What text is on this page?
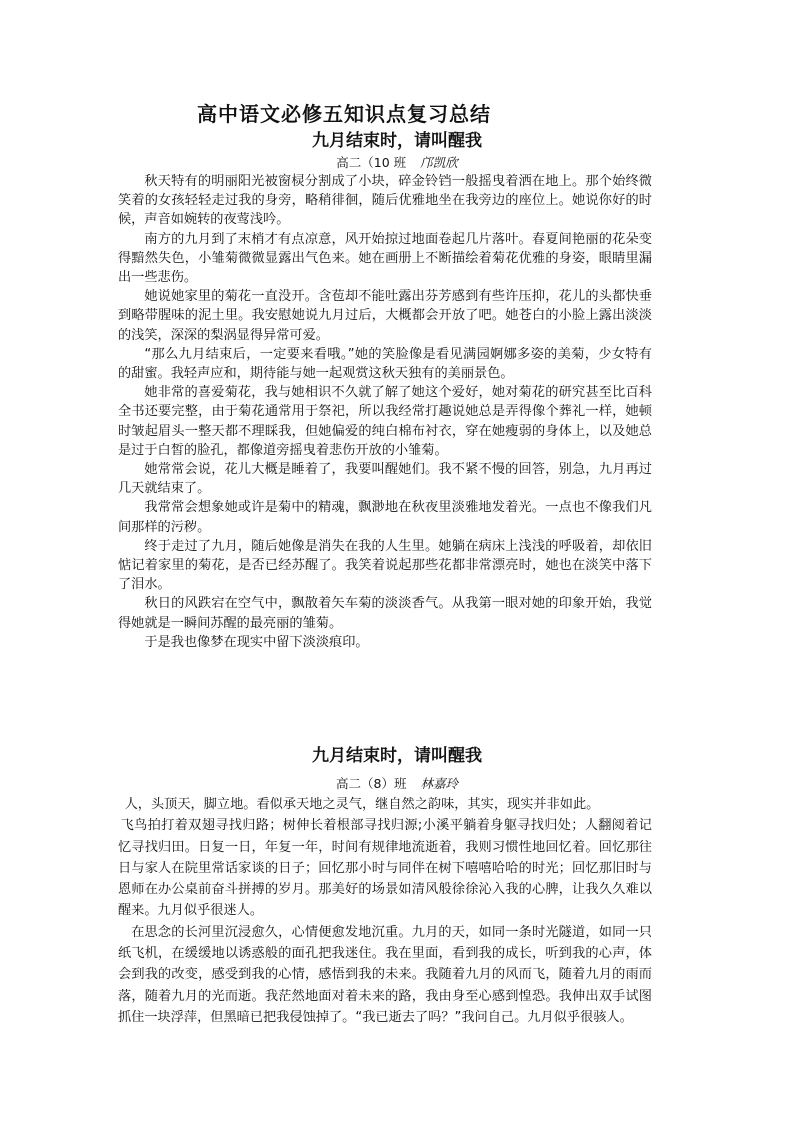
高中语文必修五知识点复习总结
九月结束时，请叫醒我
高二（10 班 邝凯欣

秋天特有的明丽阳光被窗棂分割成了小块，碎金铃铛一般摇曳着洒在地上。那个始终微笑着的女孩轻轻走过我的身旁，略稍徘徊，随后优雅地坐在我旁边的座位上。她说你好的时候，声音如婉转的夜莺浅吟。

南方的九月到了末梢才有点凉意，风开始掠过地面卷起几片落叶。春夏间艳丽的花朵变得黯然失色，小雏菊微微显露出气色来。她在画册上不断描绘着菊花优雅的身姿，眼睛里漏出一些悲伤。

她说她家里的菊花一直没开。含苞却不能吐露出芬芳感到有些许压抑，花儿的头都快垂到略带腥味的泥土里。我安慰她说九月过后，大概都会开放了吧。她苍白的小脸上露出淡淡的浅笑，深深的梨涡显得异常可爱。

“那么九月结束后，一定要来看哦。”她的笑脸像是看见满园婀娜多姿的美菊，少女特有的甜蜜。我轻声应和，期待能与她一起观赏这秋天独有的美丽景色。

她非常的喜爱菊花，我与她相识不久就了解了她这个爱好，她对菊花的研究甚至比百科全书还要完整，由于菊花通常用于祭祀，所以我经常打趣说她总是弄得像个葬礼一样，她顿时皱起眉头一整天都不理睬我，但她偏爱的纯白棉布衬衣，穿在她瘦弱的身体上，以及她总是过于白皙的脸孔，都像道旁摇曳着悲伤开放的小雏菊。

她常常会说，花儿大概是睡着了，我要叫醒她们。我不紧不慢的回答，别急，九月再过几天就结束了。

我常常会想象她或许是菊中的精魂，飘渺地在秋夜里淡雅地发着光。一点也不像我们凡间那样的污秽。

终于走过了九月，随后她像是消失在我的人生里。她躺在病床上浅浅的呼吸着，却依旧惦记着家里的菊花，是否已经苏醒了。我笑着说起那些花都非常漂亮时，她也在淡笑中落下了泪水。

秋日的风跌宕在空气中，飘散着矢车菊的淡淡香气。从我第一眼对她的印象开始，我觉得她就是一瞬间苏醒的最亮丽的雏菊。

于是我也像梦在现实中留下淡淡痕印。

九月结束时，请叫醒我
高二（8）班 林嘉玲

人，头顶天，脚立地。看似承天地之灵气，继自然之韵味，其实，现实并非如此。

飞鸟拍打着双翅寻找归路；树伸长着根部寻找归源;小溪平躺着身躯寻找归处；人翻阅着记忆寻找归田。日复一日，年复一年，时间有规律地流逝着，我则习惯性地回忆着。回忆那往日与家人在院里常话家谈的日子；回忆那小时与同伴在树下嘻嘻哈哈的时光；回忆那旧时与恩师在办公桌前奋斗拼搏的岁月。那美好的场景如清风般徐徐沁入我的心脾，让我久久难以醒来。九月似乎很迷人。

在思念的长河里沉浸愈久，心情便愈发地沉重。九月的天，如同一条时光隧道，如同一只纸飞机，在缓缓地以诱惑般的面孔把我迷住。我在里面，看到我的成长，听到我的心声，体会到我的改变，感受到我的心情，感悟到我的未来。我随着九月的风而飞，随着九月的雨而落，随着九月的光而逝。我茫然地面对着未来的路，我由身至心感到惶恐。我伸出双手试图抓住一块浮萍，但黑暗已把我侵蚀掉了。“我已逝去了吗？”我问自己。九月似乎很骇人。
